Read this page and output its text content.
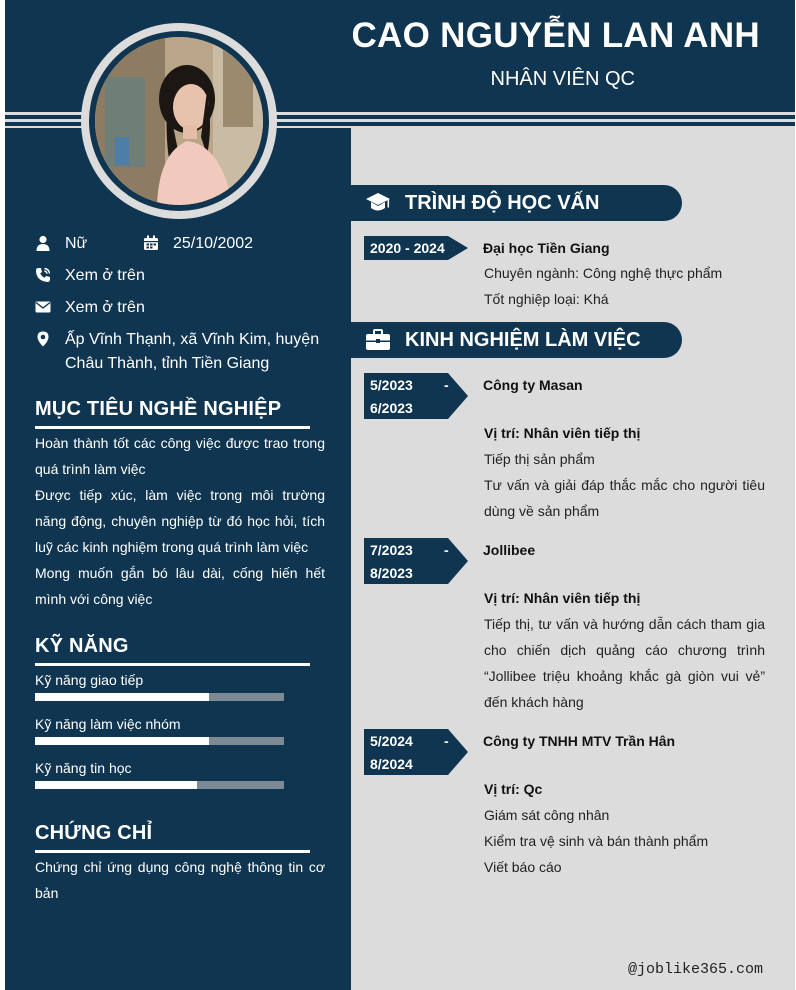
CAO NGUYỄN LAN ANH
NHÂN VIÊN QC
Nữ	25/10/2002
Xem ở trên
Xem ở trên
Ấp Vĩnh Thạnh, xã Vĩnh Kim, huyện Châu Thành, tỉnh Tiền Giang
MỤC TIÊU NGHỀ NGHIỆP
Hoàn thành tốt các công việc được trao trong quá trình làm việc
Được tiếp xúc, làm việc trong môi trường năng động, chuyên nghiệp từ đó học hỏi, tích luỹ các kinh nghiệm trong quá trình làm việc
Mong muốn gắn bó lâu dài, cống hiến hết mình với công việc
KỸ NĂNG
Kỹ năng giao tiếp
Kỹ năng làm việc nhóm
Kỹ năng tin học
CHỨNG CHỈ
Chứng chỉ ứng dụng công nghệ thông tin cơ bản
TRÌNH ĐỘ HỌC VẤN
2020 - 2024	Đại học Tiền Giang
Chuyên ngành: Công nghệ thực phẩm
Tốt nghiệp loại: Khá
KINH NGHIỆM LÀM VIỆC
5/2023 -
6/2023
Công ty Masan
Vị trí: Nhân viên tiếp thị
Tiếp thị sản phẩm
Tư vấn và giải đáp thắc mắc cho người tiêu dùng về sản phẩm
7/2023 -
8/2023
Jollibee
Vị trí: Nhân viên tiếp thị
Tiếp thị, tư vấn và hướng dẫn cách tham gia cho chiến dịch quảng cáo chương trình “Jollibee triệu khoảng khắc gà giòn vui vẻ” đến khách hàng
5/2024 -
8/2024
Công ty TNHH MTV Trần Hân
Vị trí: Qc
Giám sát công nhân
Kiểm tra vệ sinh và bán thành phẩm
Viết báo cáo
@joblike365.com
